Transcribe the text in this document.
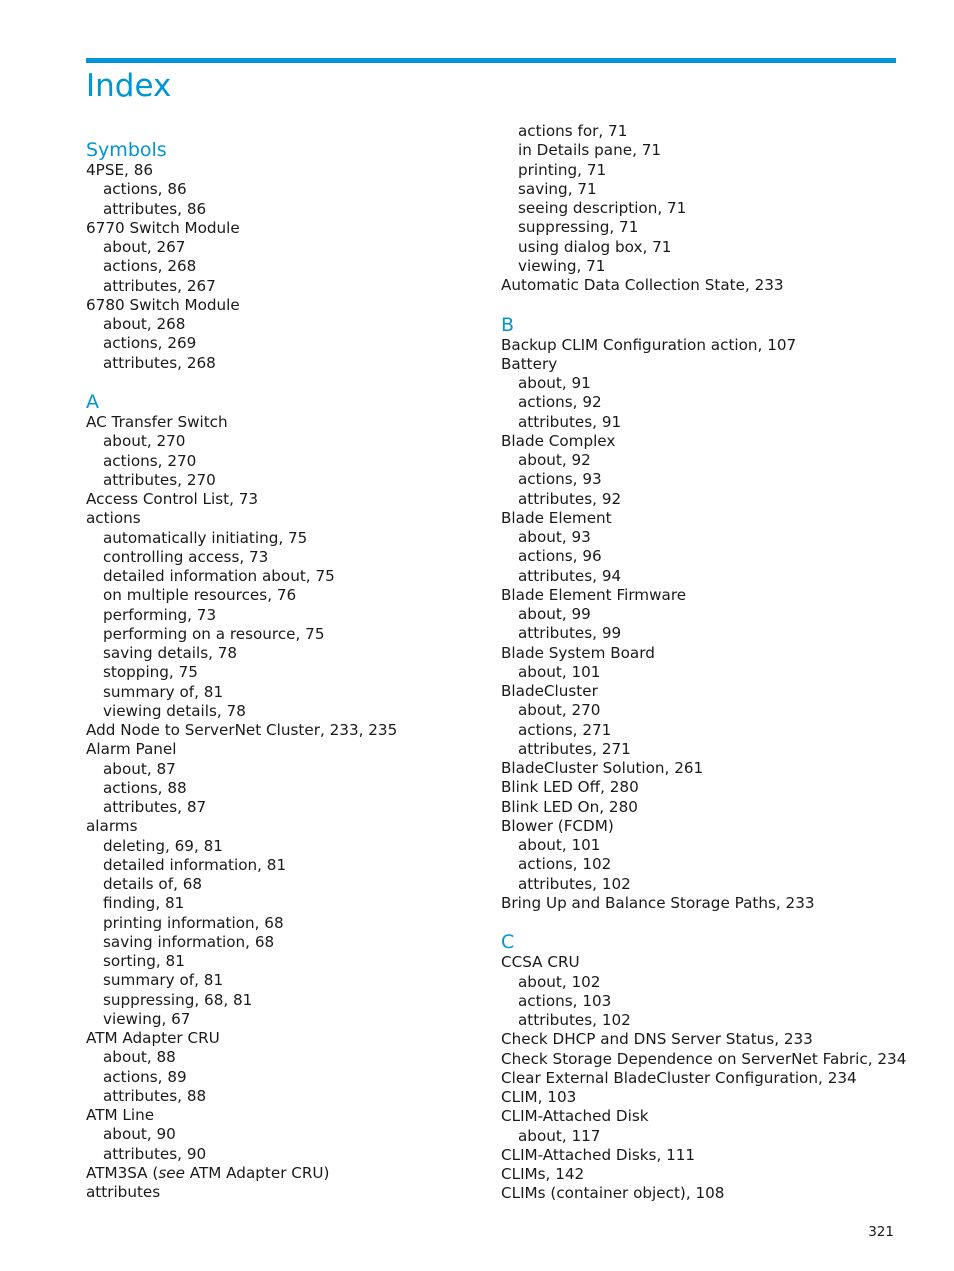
Index
Symbols
4PSE, 86
actions, 86
attributes, 86
6770 Switch Module
about, 267
actions, 268
attributes, 267
6780 Switch Module
about, 268
actions, 269
attributes, 268
A
AC Transfer Switch
about, 270
actions, 270
attributes, 270
Access Control List, 73
actions
automatically initiating, 75
controlling access, 73
detailed information about, 75
on multiple resources, 76
performing, 73
performing on a resource, 75
saving details, 78
stopping, 75
summary of, 81
viewing details, 78
Add Node to ServerNet Cluster, 233, 235
Alarm Panel
about, 87
actions, 88
attributes, 87
alarms
deleting, 69, 81
detailed information, 81
details of, 68
finding, 81
printing information, 68
saving information, 68
sorting, 81
summary of, 81
suppressing, 68, 81
viewing, 67
ATM Adapter CRU
about, 88
actions, 89
attributes, 88
ATM Line
about, 90
attributes, 90
ATM3SA (see ATM Adapter CRU)
attributes
actions for, 71
in Details pane, 71
printing, 71
saving, 71
seeing description, 71
suppressing, 71
using dialog box, 71
viewing, 71
Automatic Data Collection State, 233
B
Backup CLIM Configuration action, 107
Battery
about, 91
actions, 92
attributes, 91
Blade Complex
about, 92
actions, 93
attributes, 92
Blade Element
about, 93
actions, 96
attributes, 94
Blade Element Firmware
about, 99
attributes, 99
Blade System Board
about, 101
BladeCluster
about, 270
actions, 271
attributes, 271
BladeCluster Solution, 261
Blink LED Off, 280
Blink LED On, 280
Blower (FCDM)
about, 101
actions, 102
attributes, 102
Bring Up and Balance Storage Paths, 233
C
CCSA CRU
about, 102
actions, 103
attributes, 102
Check DHCP and DNS Server Status, 233
Check Storage Dependence on ServerNet Fabric, 234
Clear External BladeCluster Configuration, 234
CLIM, 103
CLIM-Attached Disk
about, 117
CLIM-Attached Disks, 111
CLIMs, 142
CLIMs (container object), 108
321
